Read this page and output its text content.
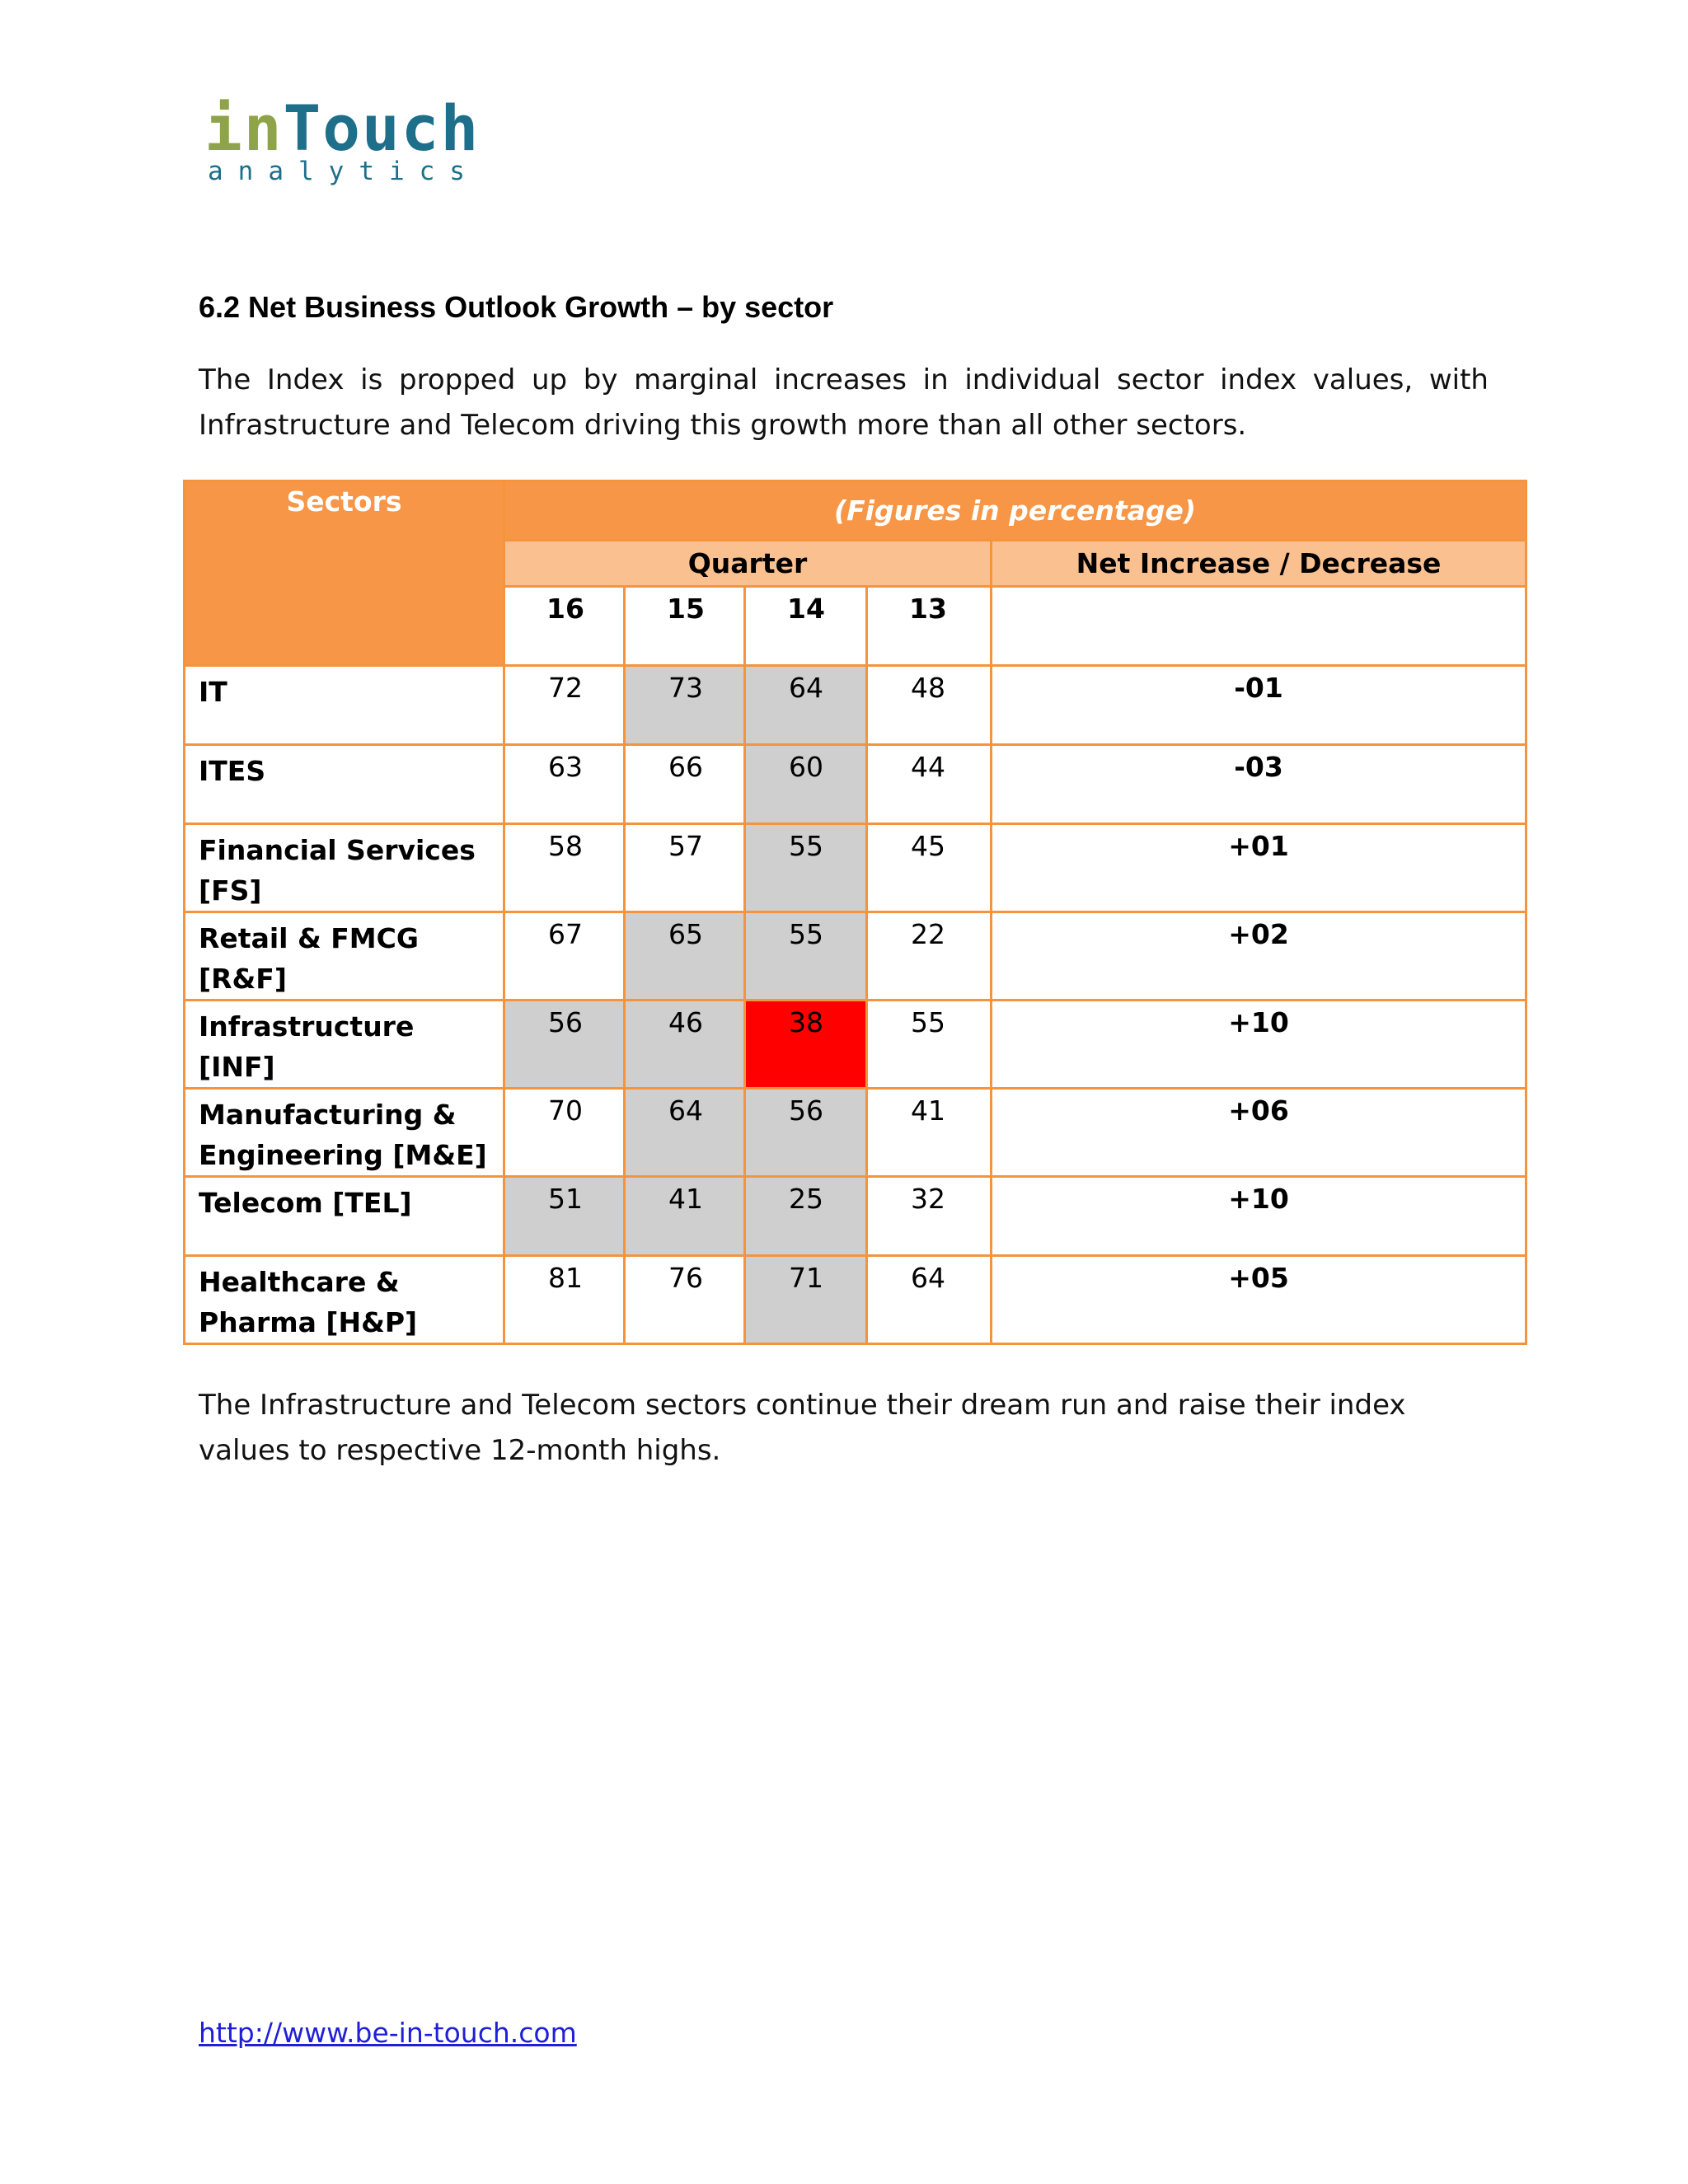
inTouch
analytics
6.2 Net Business Outlook Growth – by sector
The Index is propped up by marginal increases in individual sector index values, with Infrastructure and Telecom driving this growth more than all other sectors.
Sectors	(Figures in percentage)				
	Quarter				Net Increase / Decrease
	16	15	14	13	
IT	72	73	64	48	-01
ITES	63	66	60	44	-03
Financial Services [FS]	58	57	55	45	+01
Retail & FMCG [R&F]	67	65	55	22	+02
Infrastructure [INF]	56	46	38	55	+10
Manufacturing & Engineering [M&E]	70	64	56	41	+06
Telecom [TEL]	51	41	25	32	+10
Healthcare & Pharma [H&P]	81	76	71	64	+05
The Infrastructure and Telecom sectors continue their dream run and raise their index values to respective 12-month highs.
http://www.be-in-touch.com
